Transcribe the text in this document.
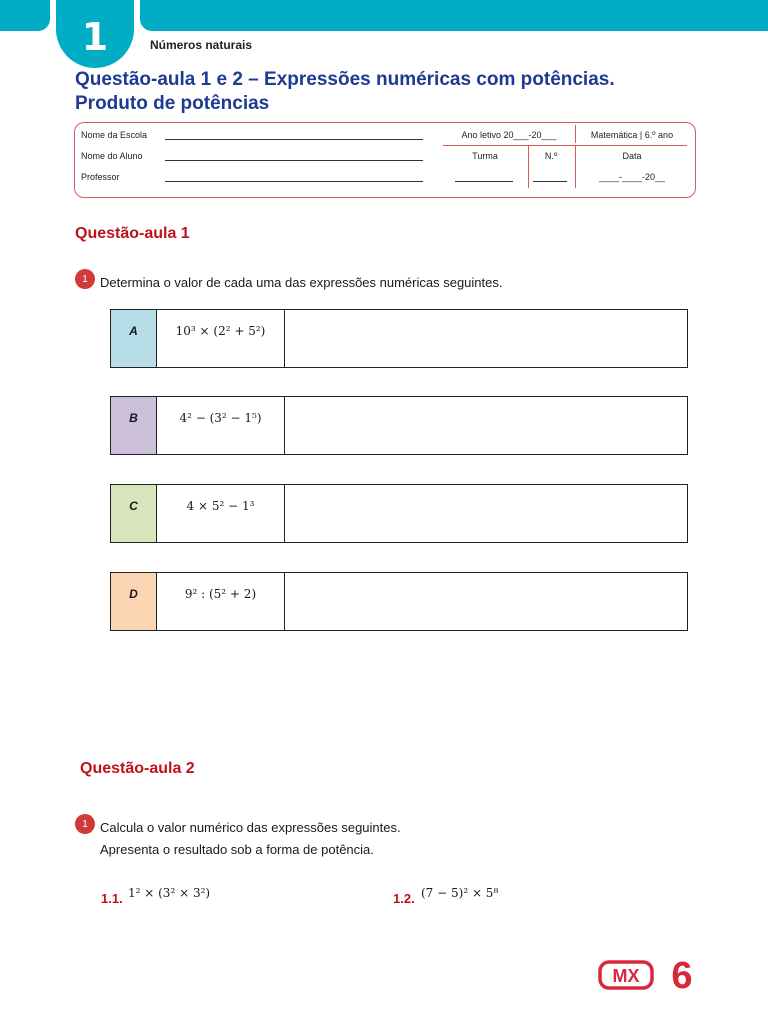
1	Números naturais
Questão-aula 1 e 2 – Expressões numéricas com potências.
Produto de potências
Nome da Escola
Nome do Aluno
Professor
Ano letivo 20___-20___	Matemática | 6.º ano
Turma	N.º	Data
____-____-20__
Questão-aula 1
1 Determina o valor de cada uma das expressões numéricas seguintes.
A	10³ × (2² + 5²)
B	4² − (3² − 1⁵)
C	4 × 5² − 1³
D	9² : (5² + 2)
Questão-aula 2
1 Calcula o valor numérico das expressões seguintes.
Apresenta o resultado sob a forma de potência.
1.1. 1² × (3² × 3²)	1.2. (7 − 5)² × 5⁸
MX 6
